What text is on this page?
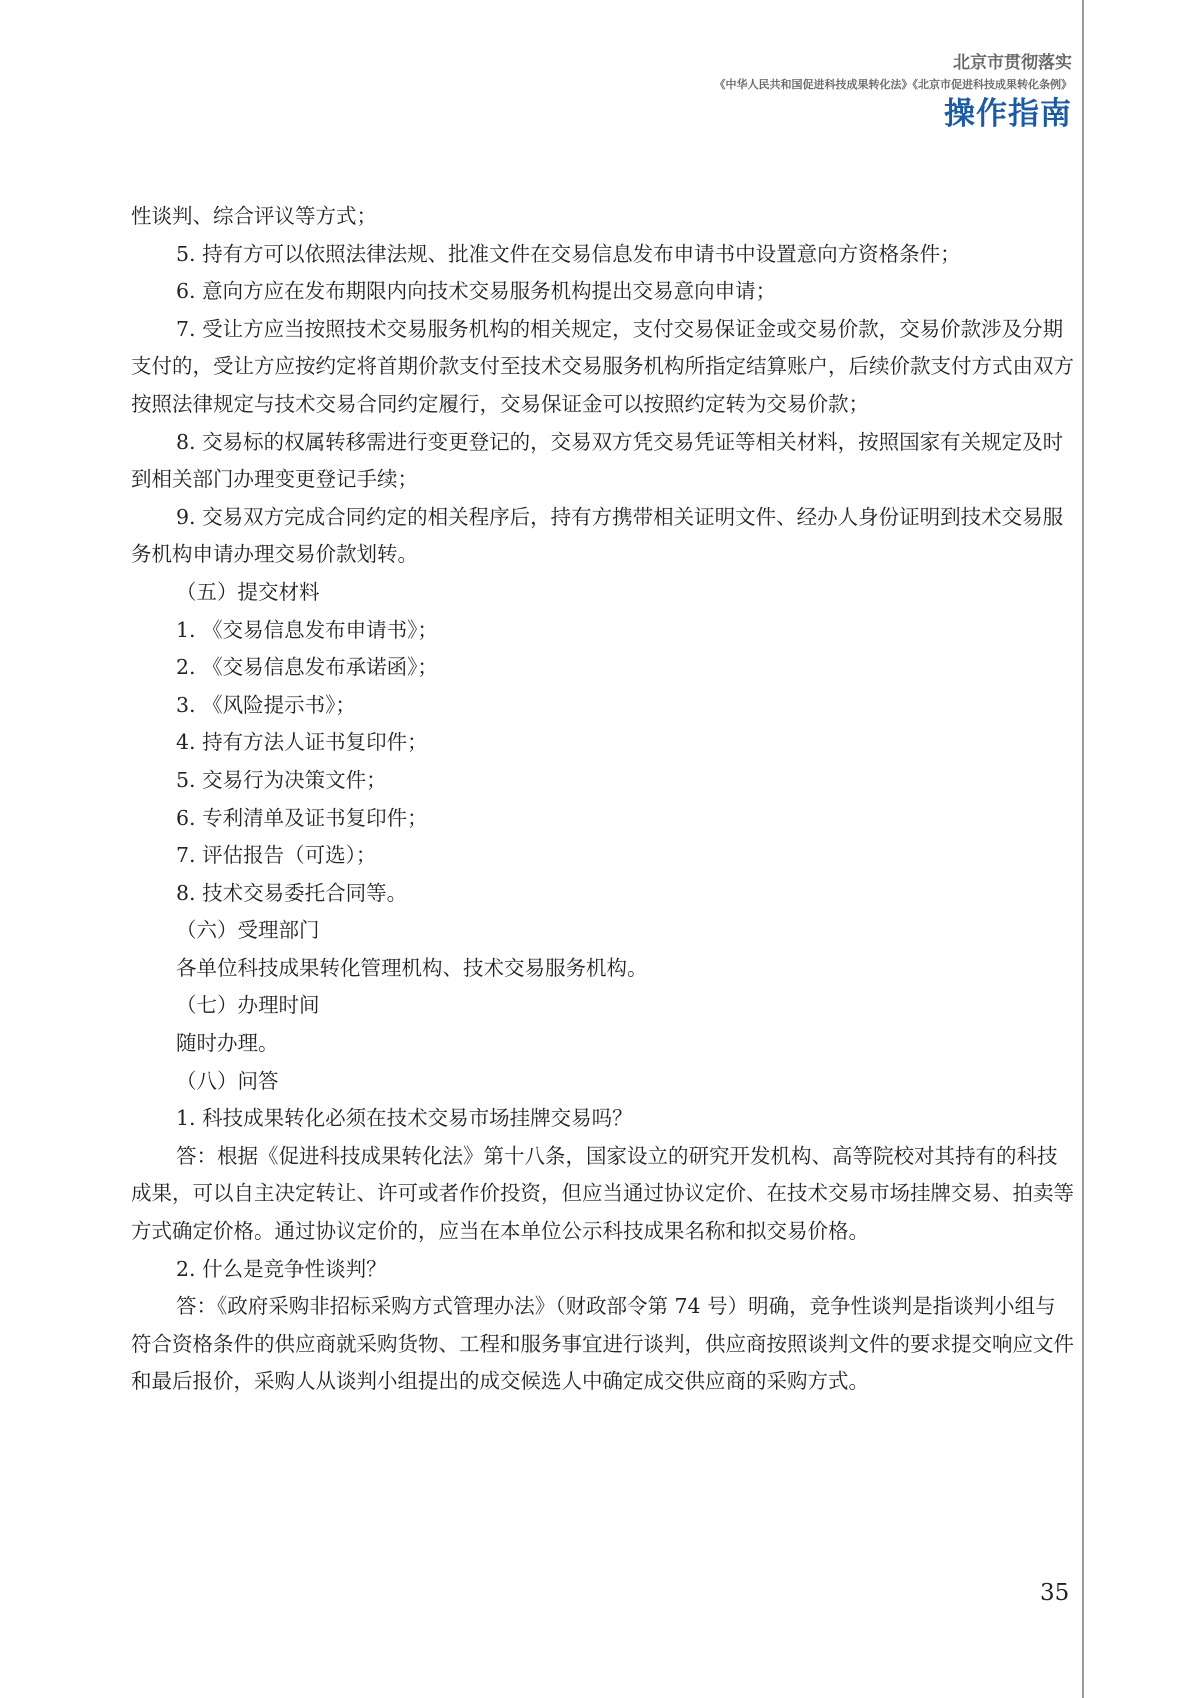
北京市贯彻落实
《中华人民共和国促进科技成果转化法》《北京市促进科技成果转化条例》
操作指南

性谈判、综合评议等方式；

5. 持有方可以依照法律法规、批准文件在交易信息发布申请书中设置意向方资格条件；

6. 意向方应在发布期限内向技术交易服务机构提出交易意向申请；

7. 受让方应当按照技术交易服务机构的相关规定，支付交易保证金或交易价款，交易价款涉及分期支付的，受让方应按约定将首期价款支付至技术交易服务机构所指定结算账户，后续价款支付方式由双方按照法律规定与技术交易合同约定履行，交易保证金可以按照约定转为交易价款；

8. 交易标的权属转移需进行变更登记的，交易双方凭交易凭证等相关材料，按照国家有关规定及时到相关部门办理变更登记手续；

9. 交易双方完成合同约定的相关程序后，持有方携带相关证明文件、经办人身份证明到技术交易服务机构申请办理交易价款划转。

（五）提交材料

1. 《交易信息发布申请书》；

2. 《交易信息发布承诺函》；

3. 《风险提示书》；

4. 持有方法人证书复印件；

5. 交易行为决策文件；

6. 专利清单及证书复印件；

7. 评估报告（可选）；

8. 技术交易委托合同等。

（六）受理部门

各单位科技成果转化管理机构、技术交易服务机构。

（七）办理时间

随时办理。

（八）问答

1. 科技成果转化必须在技术交易市场挂牌交易吗？

答：根据《促进科技成果转化法》第十八条，国家设立的研究开发机构、高等院校对其持有的科技成果，可以自主决定转让、许可或者作价投资，但应当通过协议定价、在技术交易市场挂牌交易、拍卖等方式确定价格。通过协议定价的，应当在本单位公示科技成果名称和拟交易价格。

2. 什么是竞争性谈判？

答：《政府采购非招标采购方式管理办法》（财政部令第 74 号）明确，竞争性谈判是指谈判小组与符合资格条件的供应商就采购货物、工程和服务事宜进行谈判，供应商按照谈判文件的要求提交响应文件和最后报价，采购人从谈判小组提出的成交候选人中确定成交供应商的采购方式。

35
